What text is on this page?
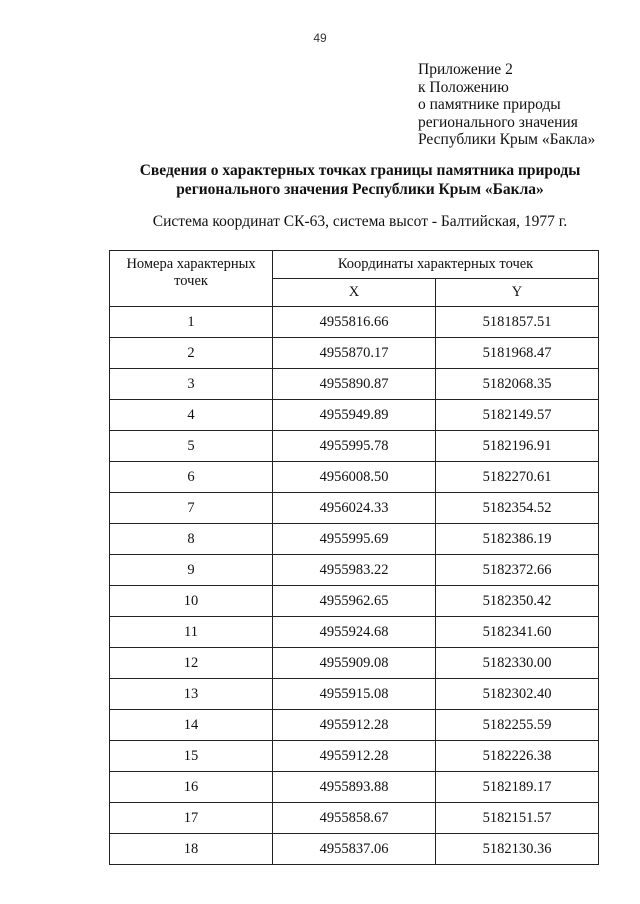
49
Приложение 2
к Положению
о памятнике природы
регионального значения
Республики Крым «Бакла»
Сведения о характерных точках границы памятника природы
регионального значения Республики Крым «Бакла»
Система координат СК-63, система высот - Балтийская, 1977 г.
Номера характерных точек	Координаты характерных точек	
	X	Y
1	4955816.66	5181857.51
2	4955870.17	5181968.47
3	4955890.87	5182068.35
4	4955949.89	5182149.57
5	4955995.78	5182196.91
6	4956008.50	5182270.61
7	4956024.33	5182354.52
8	4955995.69	5182386.19
9	4955983.22	5182372.66
10	4955962.65	5182350.42
11	4955924.68	5182341.60
12	4955909.08	5182330.00
13	4955915.08	5182302.40
14	4955912.28	5182255.59
15	4955912.28	5182226.38
16	4955893.88	5182189.17
17	4955858.67	5182151.57
18	4955837.06	5182130.36
